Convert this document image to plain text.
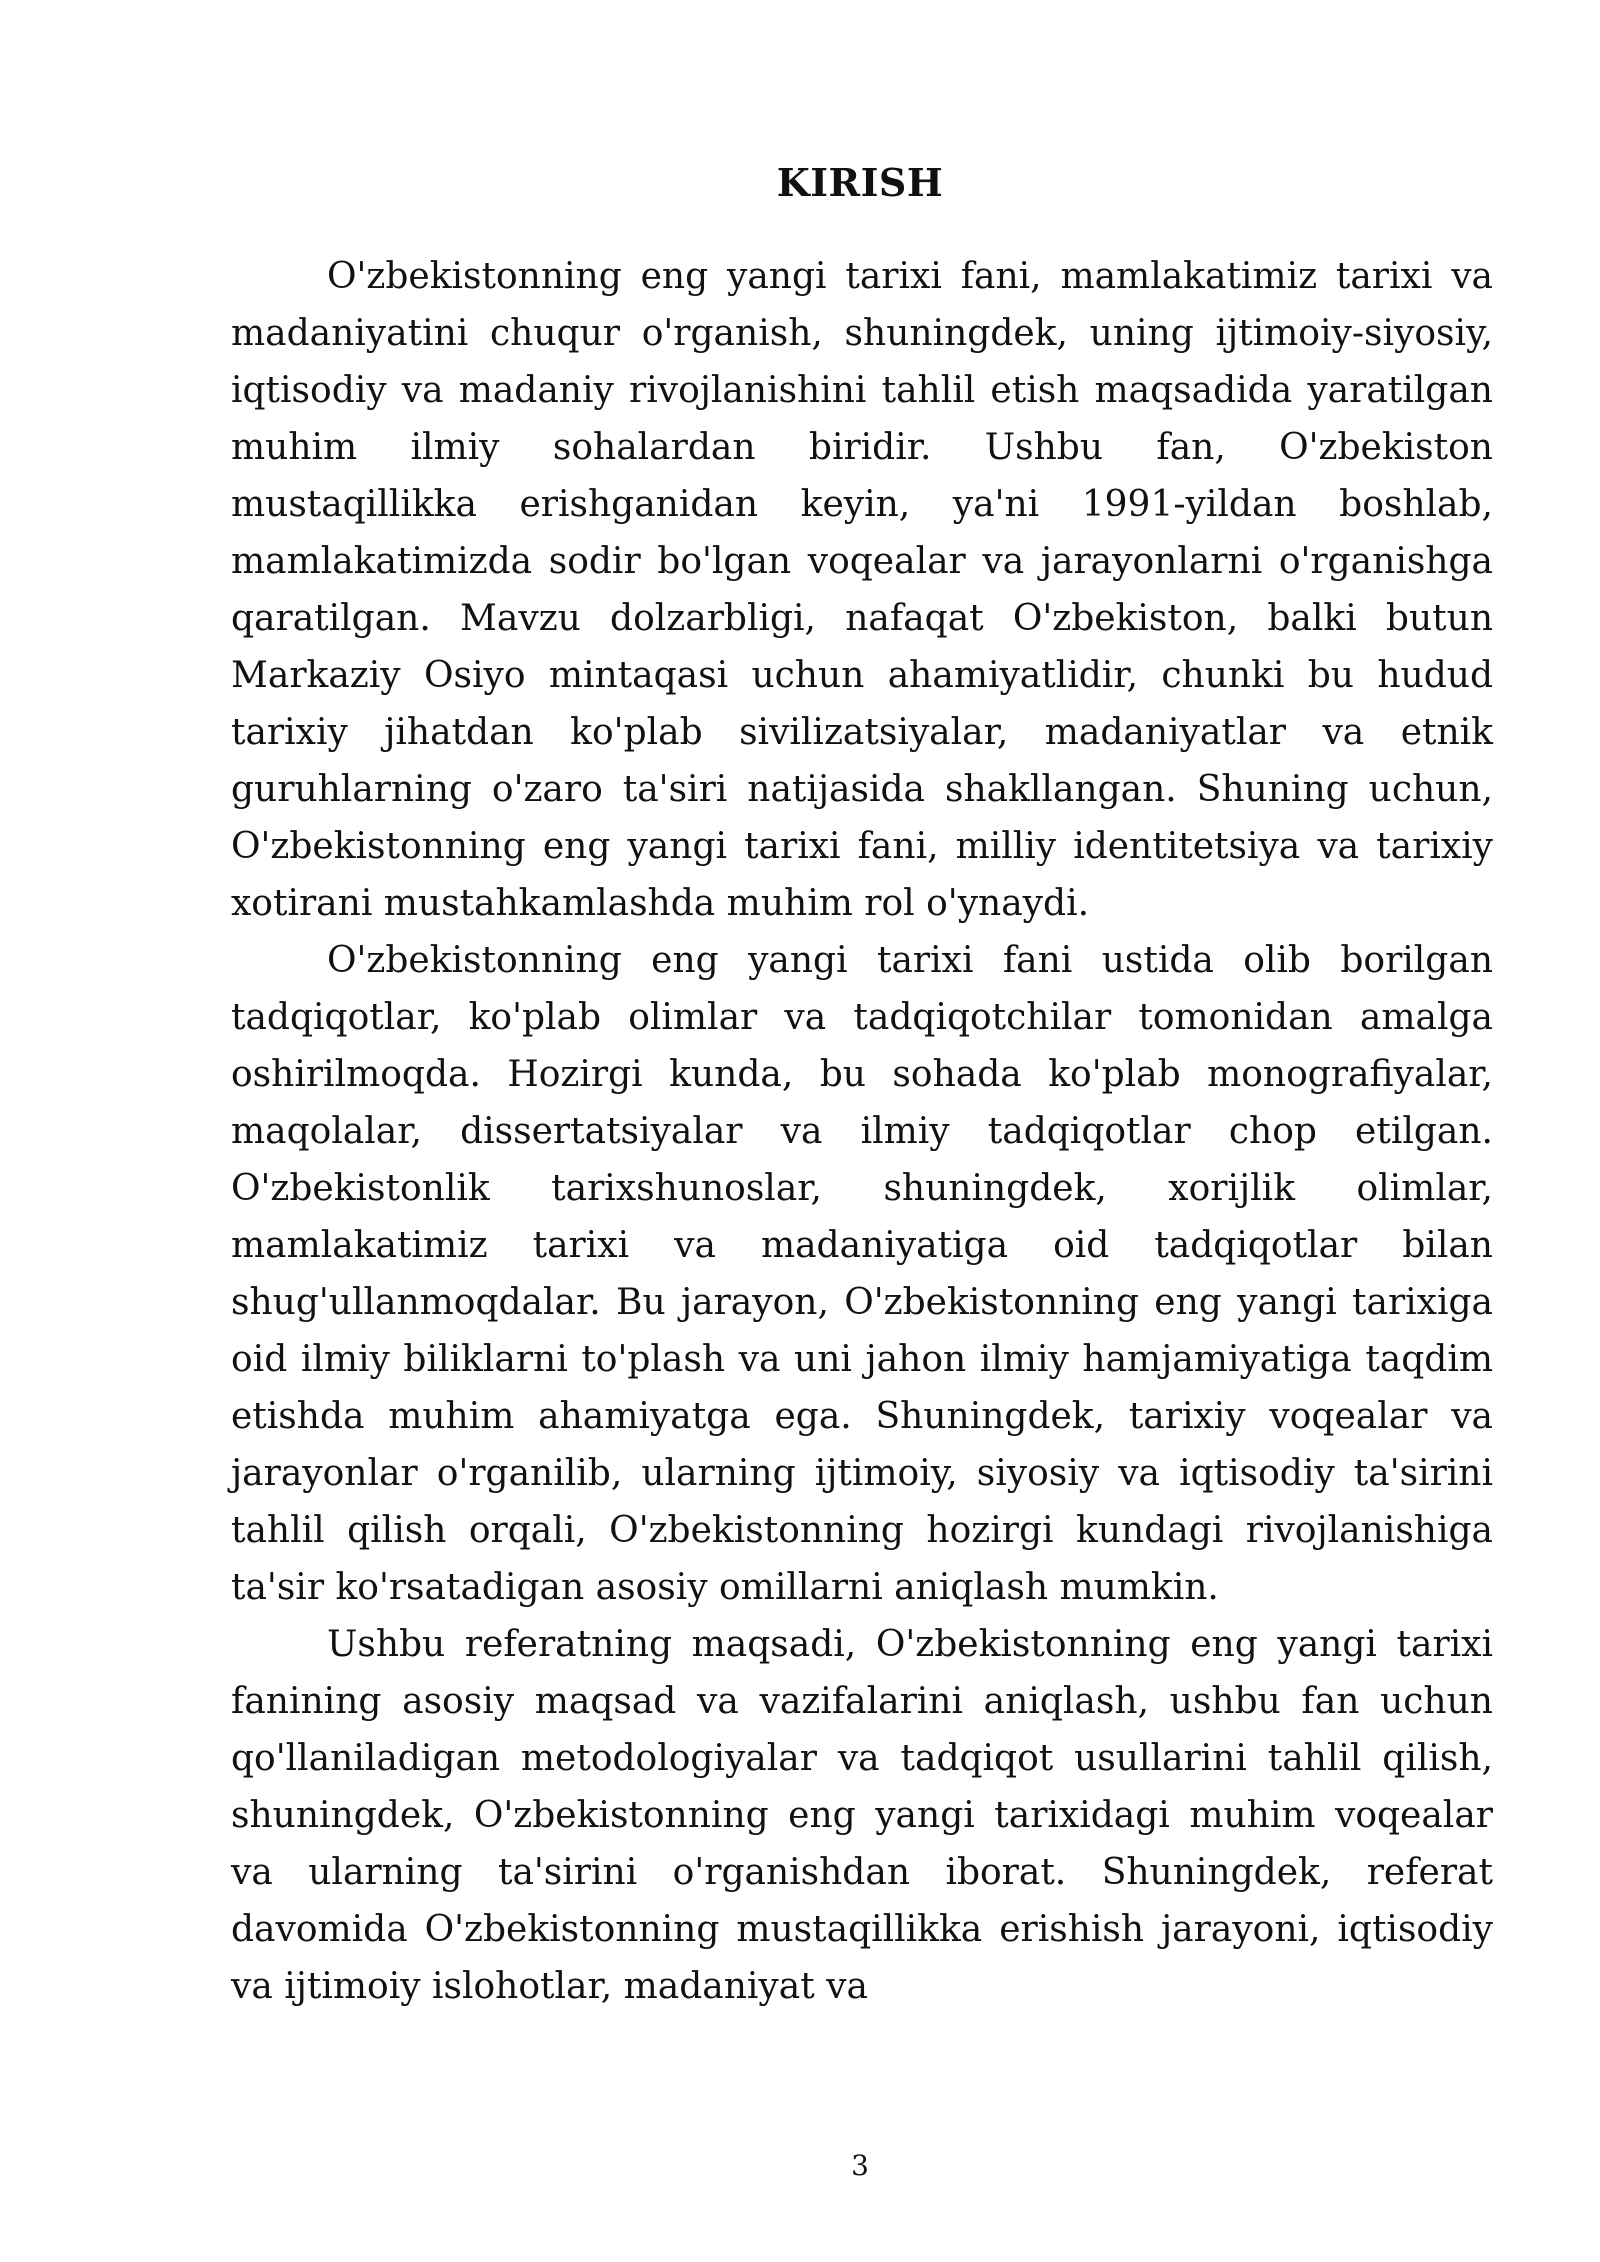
KIRISH

O'zbekistonning eng yangi tarixi fani, mamlakatimiz tarixi va madaniyatini chuqur o'rganish, shuningdek, uning ijtimoiy-siyosiy, iqtisodiy va madaniy rivojlanishini tahlil etish maqsadida yaratilgan muhim ilmiy sohalardan biridir. Ushbu fan, O'zbekiston mustaqillikka erishganidan keyin, ya'ni 1991-yildan boshlab, mamlakatimizda sodir bo'lgan voqealar va jarayonlarni o'rganishga qaratilgan. Mavzu dolzarbligi, nafaqat O'zbekiston, balki butun Markaziy Osiyo mintaqasi uchun ahamiyatlidir, chunki bu hudud tarixiy jihatdan ko'plab sivilizatsiyalar, madaniyatlar va etnik guruhlarning o'zaro ta'siri natijasida shakllangan. Shuning uchun, O'zbekistonning eng yangi tarixi fani, milliy identitetsiya va tarixiy xotirani mustahkamlashda muhim rol o'ynaydi.

O'zbekistonning eng yangi tarixi fani ustida olib borilgan tadqiqotlar, ko'plab olimlar va tadqiqotchilar tomonidan amalga oshirilmoqda. Hozirgi kunda, bu sohada ko'plab monografiyalar, maqolalar, dissertatsiyalar va ilmiy tadqiqotlar chop etilgan. O'zbekistonlik tarixshunoslar, shuningdek, xorijlik olimlar, mamlakatimiz tarixi va madaniyatiga oid tadqiqotlar bilan shug'ullanmoqdalar. Bu jarayon, O'zbekistonning eng yangi tarixiga oid ilmiy biliklarni to'plash va uni jahon ilmiy hamjamiyatiga taqdim etishda muhim ahamiyatga ega. Shuningdek, tarixiy voqealar va jarayonlar o'rganilib, ularning ijtimoiy, siyosiy va iqtisodiy ta'sirini tahlil qilish orqali, O'zbekistonning hozirgi kundagi rivojlanishiga ta'sir ko'rsatadigan asosiy omillarni aniqlash mumkin.

Ushbu referatning maqsadi, O'zbekistonning eng yangi tarixi fanining asosiy maqsad va vazifalarini aniqlash, ushbu fan uchun qo'llaniladigan metodologiyalar va tadqiqot usullarini tahlil qilish, shuningdek, O'zbekistonning eng yangi tarixidagi muhim voqealar va ularning ta'sirini o'rganishdan iborat. Shuningdek, referat davomida O'zbekistonning mustaqillikka erishish jarayoni, iqtisodiy va ijtimoiy islohotlar, madaniyat va

3
